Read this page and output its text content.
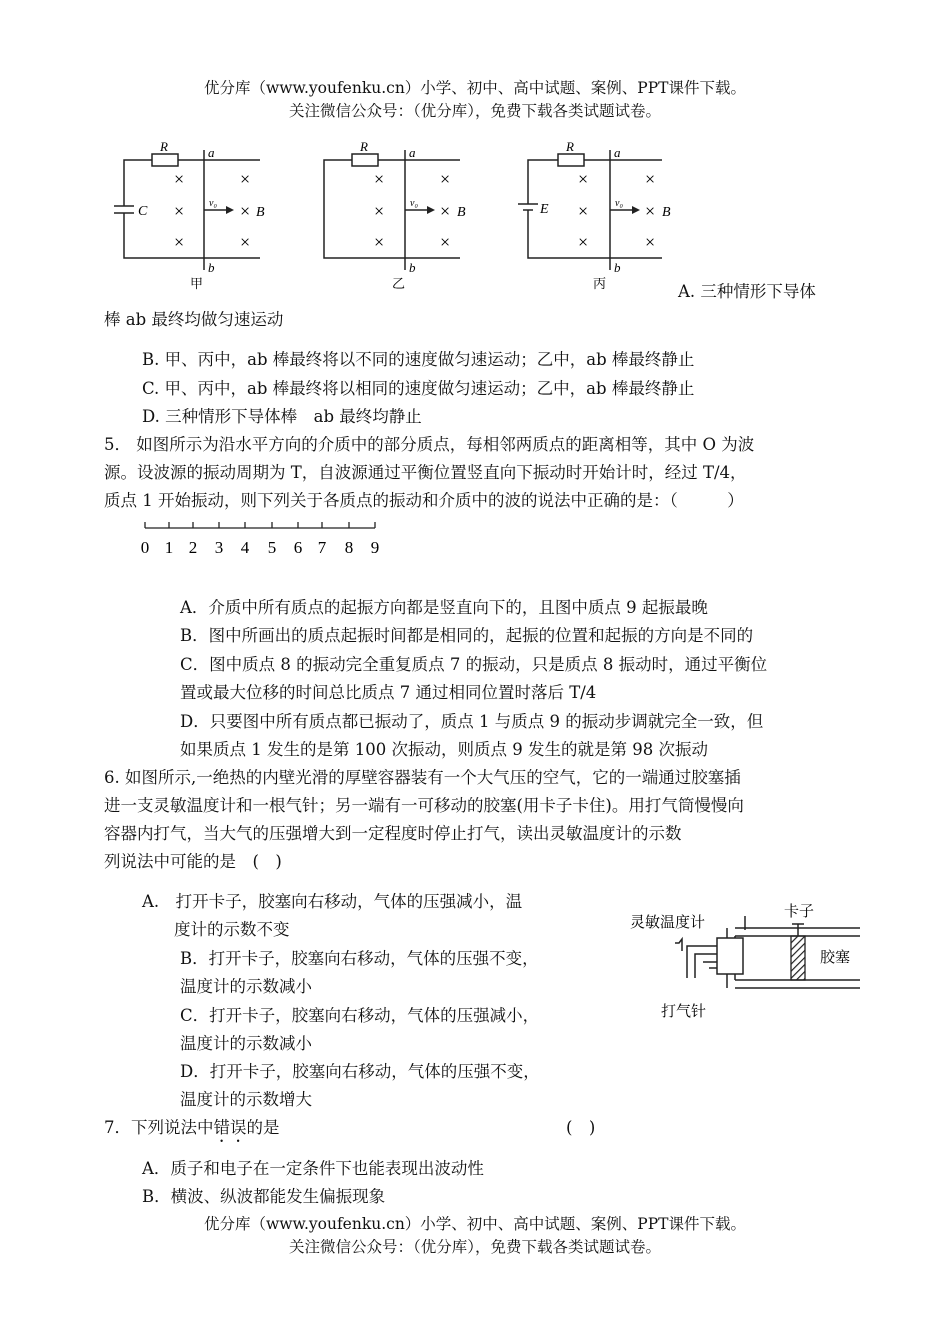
优分库（www.youfenku.cn）小学、初中、高中试题、案例、PPT课件下载。
关注微信公众号：（优分库），免费下载各类试题试卷。
R	a
b
v₀
B
C
×
×
×
×
×
×
甲
R	a
b
v₀
B
×
×
×
×
×
×
乙
R	a
b
v₀
B
E
×
×
×
×
×
×
丙	A. 三种情形下导体
棒 ab 最终均做匀速运动
B. 甲、丙中，ab 棒最终将以不同的速度做匀速运动；乙中，ab 棒最终静止
C. 甲、丙中，ab 棒最终将以相同的速度做匀速运动；乙中，ab 棒最终静止
D. 三种情形下导体棒　ab 最终均静止
5． 如图所示为沿水平方向的介质中的部分质点，每相邻两质点的距离相等，其中 O 为波
源。设波源的振动周期为 T，自波源通过平衡位置竖直向下振动时开始计时，经过 T/4，
质点 1 开始振动，则下列关于各质点的振动和介质中的波的说法中正确的是：（　　　）
0 1 2 3 4 5 6 7 8 9
A．介质中所有质点的起振方向都是竖直向下的，且图中质点 9 起振最晚
B．图中所画出的质点起振时间都是相同的，起振的位置和起振的方向是不同的
C．图中质点 8 的振动完全重复质点 7 的振动，只是质点 8 振动时，通过平衡位
置或最大位移的时间总比质点 7 通过相同位置时落后 T/4
D．只要图中所有质点都已振动了，质点 1 与质点 9 的振动步调就完全一致，但
如果质点 1 发生的是第 100 次振动，则质点 9 发生的就是第 98 次振动
6. 如图所示,一绝热的内壁光滑的厚壁容器装有一个大气压的空气，它的一端通过胶塞插
进一支灵敏温度计和一根气针；另一端有一可移动的胶塞(用卡子卡住)。用打气筒慢慢向
容器内打气，当大气的压强增大到一定程度时停止打气，读出灵敏温度计的示数
列说法中可能的是　(　)
A.　打开卡子，胶塞向右移动，气体的压强减小，温
度计的示数不变
B．打开卡子，胶塞向右移动，气体的压强不变，
温度计的示数减小
C．打开卡子，胶塞向右移动，气体的压强减小，
温度计的示数减小
D．打开卡子，胶塞向右移动，气体的压强不变，
温度计的示数增大
灵敏温度计
卡子
胶塞
打气针
7．下列说法中错误的是	(　)
A．质子和电子在一定条件下也能表现出波动性
B．横波、纵波都能发生偏振现象
优分库（www.youfenku.cn）小学、初中、高中试题、案例、PPT课件下载。
关注微信公众号：（优分库），免费下载各类试题试卷。
